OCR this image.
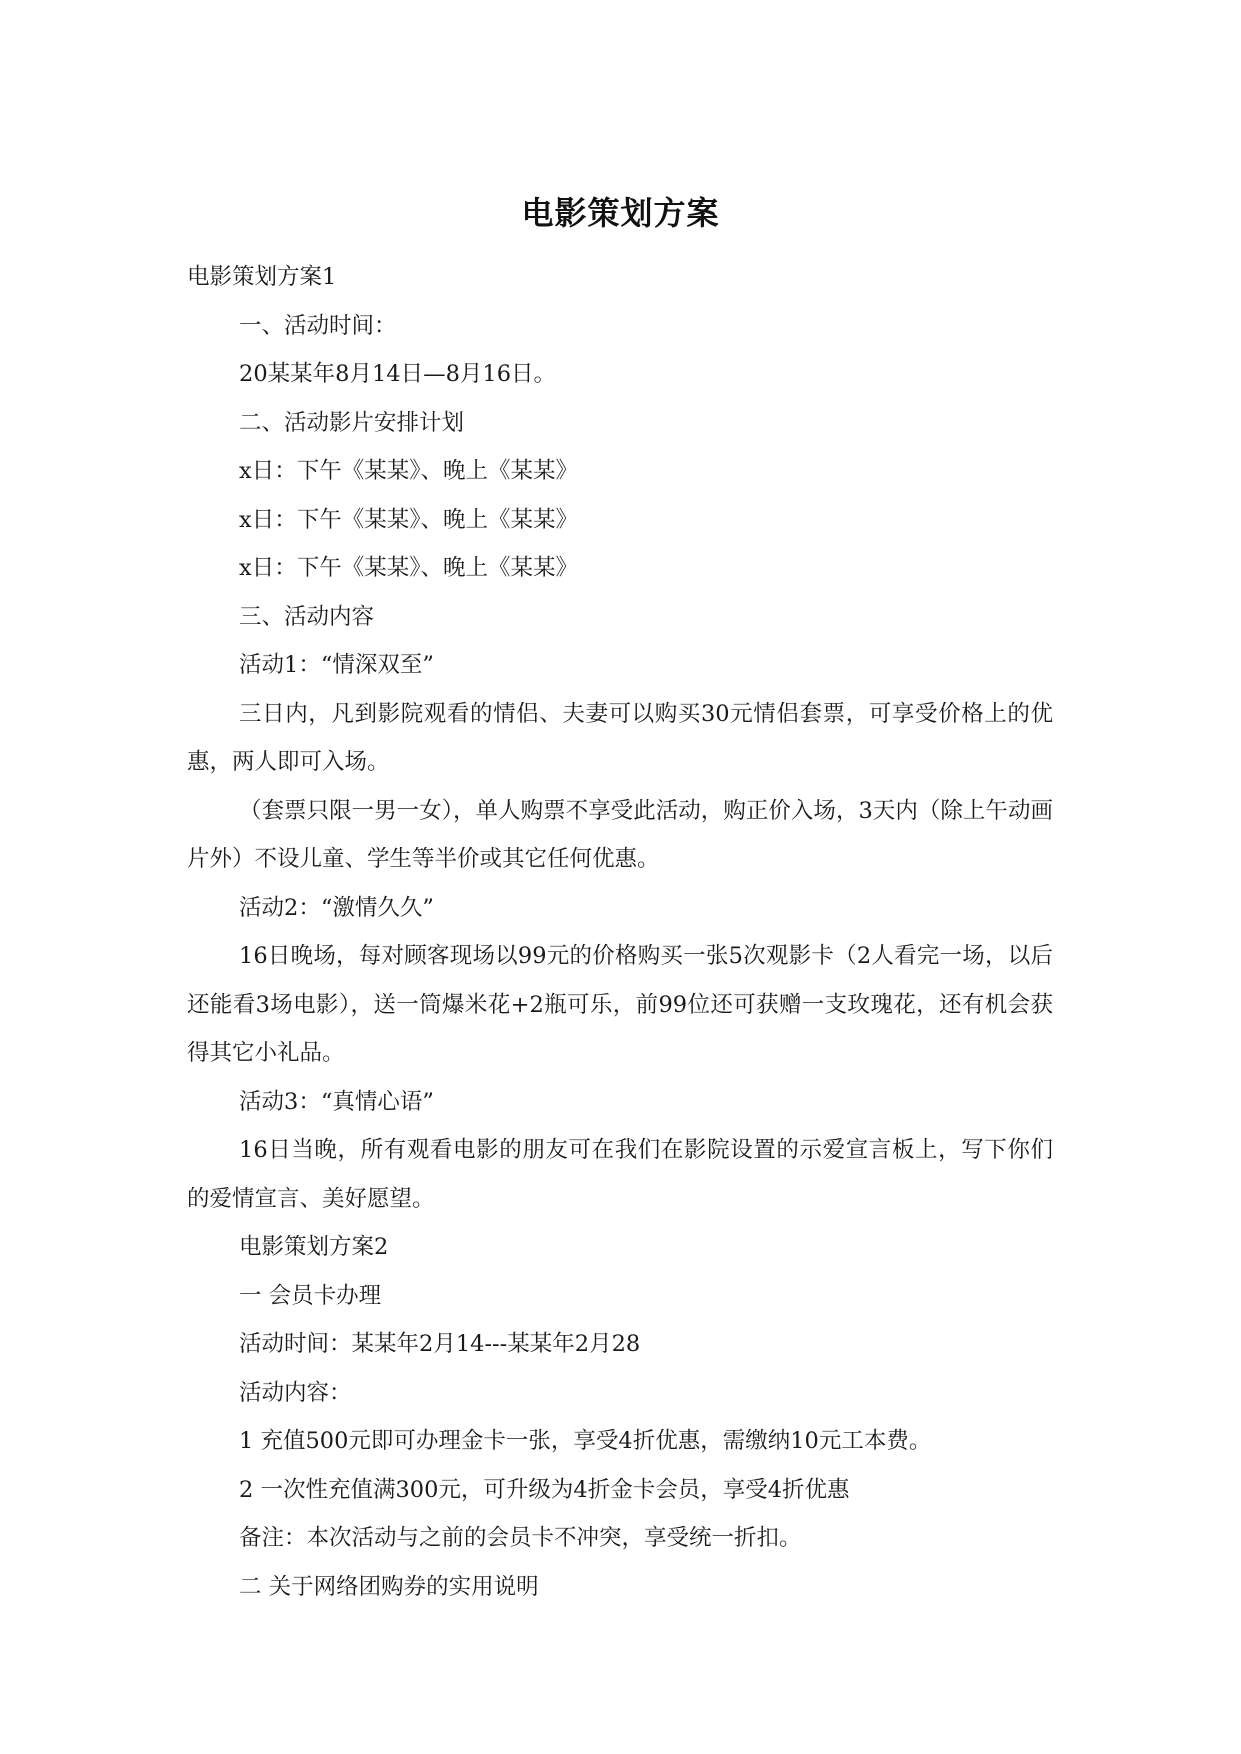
电影策划方案

电影策划方案1

一、活动时间：

20某某年8月14日—8月16日。

二、活动影片安排计划

x日：下午《某某》、晚上《某某》

x日：下午《某某》、晚上《某某》

x日：下午《某某》、晚上《某某》

三、活动内容

活动1：“情深双至”

三日内，凡到影院观看的情侣、夫妻可以购买30元情侣套票，可享受价格上的优惠，两人即可入场。

（套票只限一男一女），单人购票不享受此活动，购正价入场，3天内（除上午动画片外）不设儿童、学生等半价或其它任何优惠。

活动2：“激情久久”

16日晚场，每对顾客现场以99元的价格购买一张5次观影卡（2人看完一场，以后还能看3场电影），送一筒爆米花+2瓶可乐，前99位还可获赠一支玫瑰花，还有机会获得其它小礼品。

活动3：“真情心语”

16日当晚，所有观看电影的朋友可在我们在影院设置的示爱宣言板上，写下你们的爱情宣言、美好愿望。

电影策划方案2

一 会员卡办理

活动时间：某某年2月14---某某年2月28

活动内容：

1 充值500元即可办理金卡一张，享受4折优惠，需缴纳10元工本费。

2 一次性充值满300元，可升级为4折金卡会员，享受4折优惠

备注：本次活动与之前的会员卡不冲突，享受统一折扣。

二 关于网络团购券的实用说明
